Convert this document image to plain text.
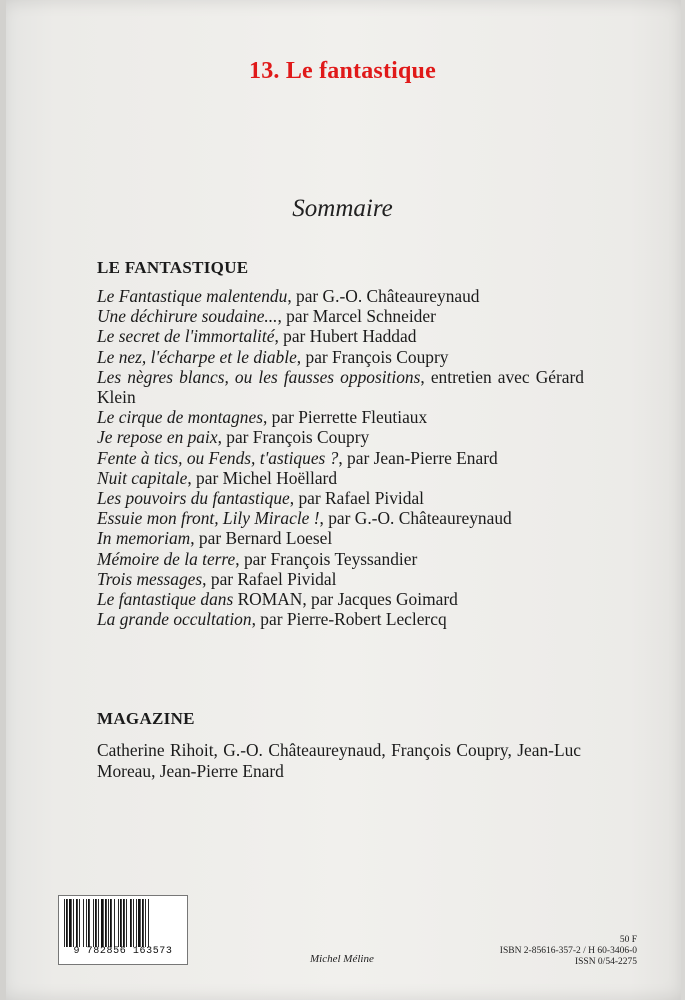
13. Le fantastique
Sommaire
LE FANTASTIQUE
Le Fantastique malentendu, par G.-O. Châteaureynaud
Une déchirure soudaine..., par Marcel Schneider
Le secret de l'immortalité, par Hubert Haddad
Le nez, l'écharpe et le diable, par François Coupry
Les nègres blancs, ou les fausses oppositions, entretien avec Gérard Klein
Le cirque de montagnes, par Pierrette Fleutiaux
Je repose en paix, par François Coupry
Fente à tics, ou Fends, t'astiques ?, par Jean-Pierre Enard
Nuit capitale, par Michel Hoëllard
Les pouvoirs du fantastique, par Rafael Pividal
Essuie mon front, Lily Miracle !, par G.-O. Châteaureynaud
In memoriam, par Bernard Loesel
Mémoire de la terre, par François Teyssandier
Trois messages, par Rafael Pividal
Le fantastique dans ROMAN, par Jacques Goimard
La grande occultation, par Pierre-Robert Leclercq
MAGAZINE

Catherine Rihoit, G.-O. Châteaureynaud, François Coupry, Jean-Luc Moreau, Jean-Pierre Enard

9 782856 163573
Michel Méline
50 F
ISBN 2-85616-357-2 / H 60-3406-0
ISSN 0/54-2275
